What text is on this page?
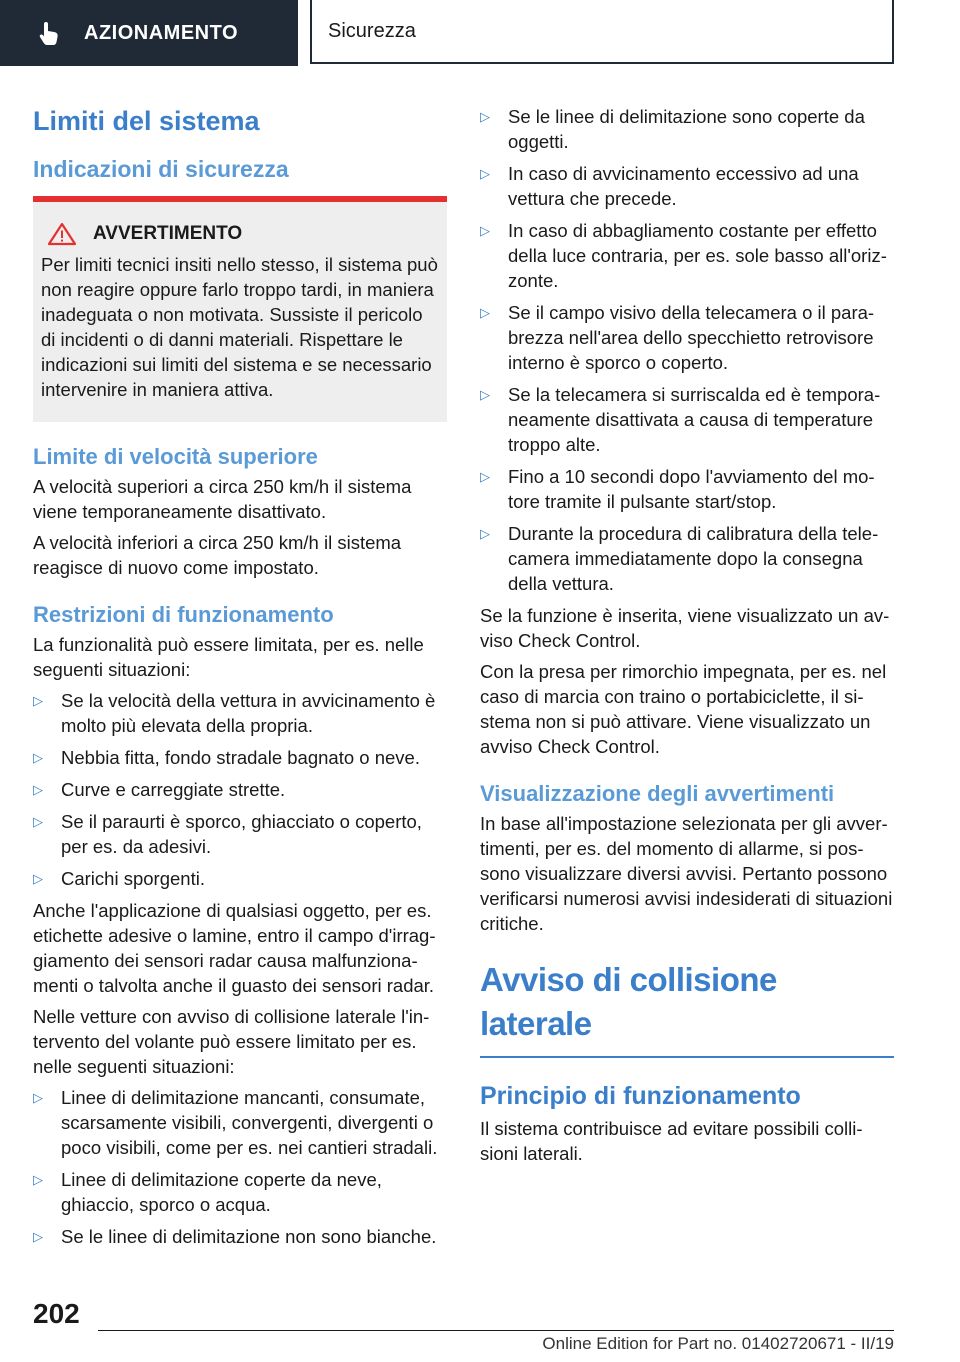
AZIONAMENTO	Sicurezza
Limiti del sistema
Indicazioni di sicurezza
AVVERTIMENTO
Per limiti tecnici insiti nello stesso, il sistema può non reagire oppure farlo troppo tardi, in maniera inadeguata o non motivata. Sussiste il pericolo di incidenti o di danni materiali. Rispettare le indicazioni sui limiti del sistema e se necessario intervenire in maniera attiva.
Limite di velocità superiore
A velocità superiori a circa 250 km/h il sistema viene temporaneamente disattivato.
A velocità inferiori a circa 250 km/h il sistema reagisce di nuovo come impostato.
Restrizioni di funzionamento
La funzionalità può essere limitata, per es. nelle seguenti situazioni:
▷ Se la velocità della vettura in avvicinamento è molto più elevata della propria.
▷ Nebbia fitta, fondo stradale bagnato o neve.
▷ Curve e carreggiate strette.
▷ Se il paraurti è sporco, ghiacciato o coperto, per es. da adesivi.
▷ Carichi sporgenti.
Anche l'applicazione di qualsiasi oggetto, per es. etichette adesive o lamine, entro il campo d'irraggiamento dei sensori radar causa malfunzionamenti o talvolta anche il guasto dei sensori radar.
Nelle vetture con avviso di collisione laterale l'intervento del volante può essere limitato per es. nelle seguenti situazioni:
▷ Linee di delimitazione mancanti, consumate, scarsamente visibili, convergenti, divergenti o poco visibili, come per es. nei cantieri stradali.
▷ Linee di delimitazione coperte da neve, ghiaccio, sporco o acqua.
▷ Se le linee di delimitazione non sono bianche.
▷ Se le linee di delimitazione sono coperte da oggetti.
▷ In caso di avvicinamento eccessivo ad una vettura che precede.
▷ In caso di abbagliamento costante per effetto della luce contraria, per es. sole basso all'orizzonte.
▷ Se il campo visivo della telecamera o il parabrezza nell'area dello specchietto retrovisore interno è sporco o coperto.
▷ Se la telecamera si surriscalda ed è temporaneamente disattivata a causa di temperature troppo alte.
▷ Fino a 10 secondi dopo l'avviamento del motore tramite il pulsante start/stop.
▷ Durante la procedura di calibratura della telecamera immediatamente dopo la consegna della vettura.
Se la funzione è inserita, viene visualizzato un avviso Check Control.
Con la presa per rimorchio impegnata, per es. nel caso di marcia con traino o portabiciclette, il sistema non si può attivare. Viene visualizzato un avviso Check Control.
Visualizzazione degli avvertimenti
In base all'impostazione selezionata per gli avvertimenti, per es. del momento di allarme, si possono visualizzare diversi avvisi. Pertanto possono verificarsi numerosi avvisi indesiderati di situazioni critiche.
Avviso di collisione laterale
Principio di funzionamento
Il sistema contribuisce ad evitare possibili collisioni laterali.
202
Online Edition for Part no. 01402720671 - II/19
